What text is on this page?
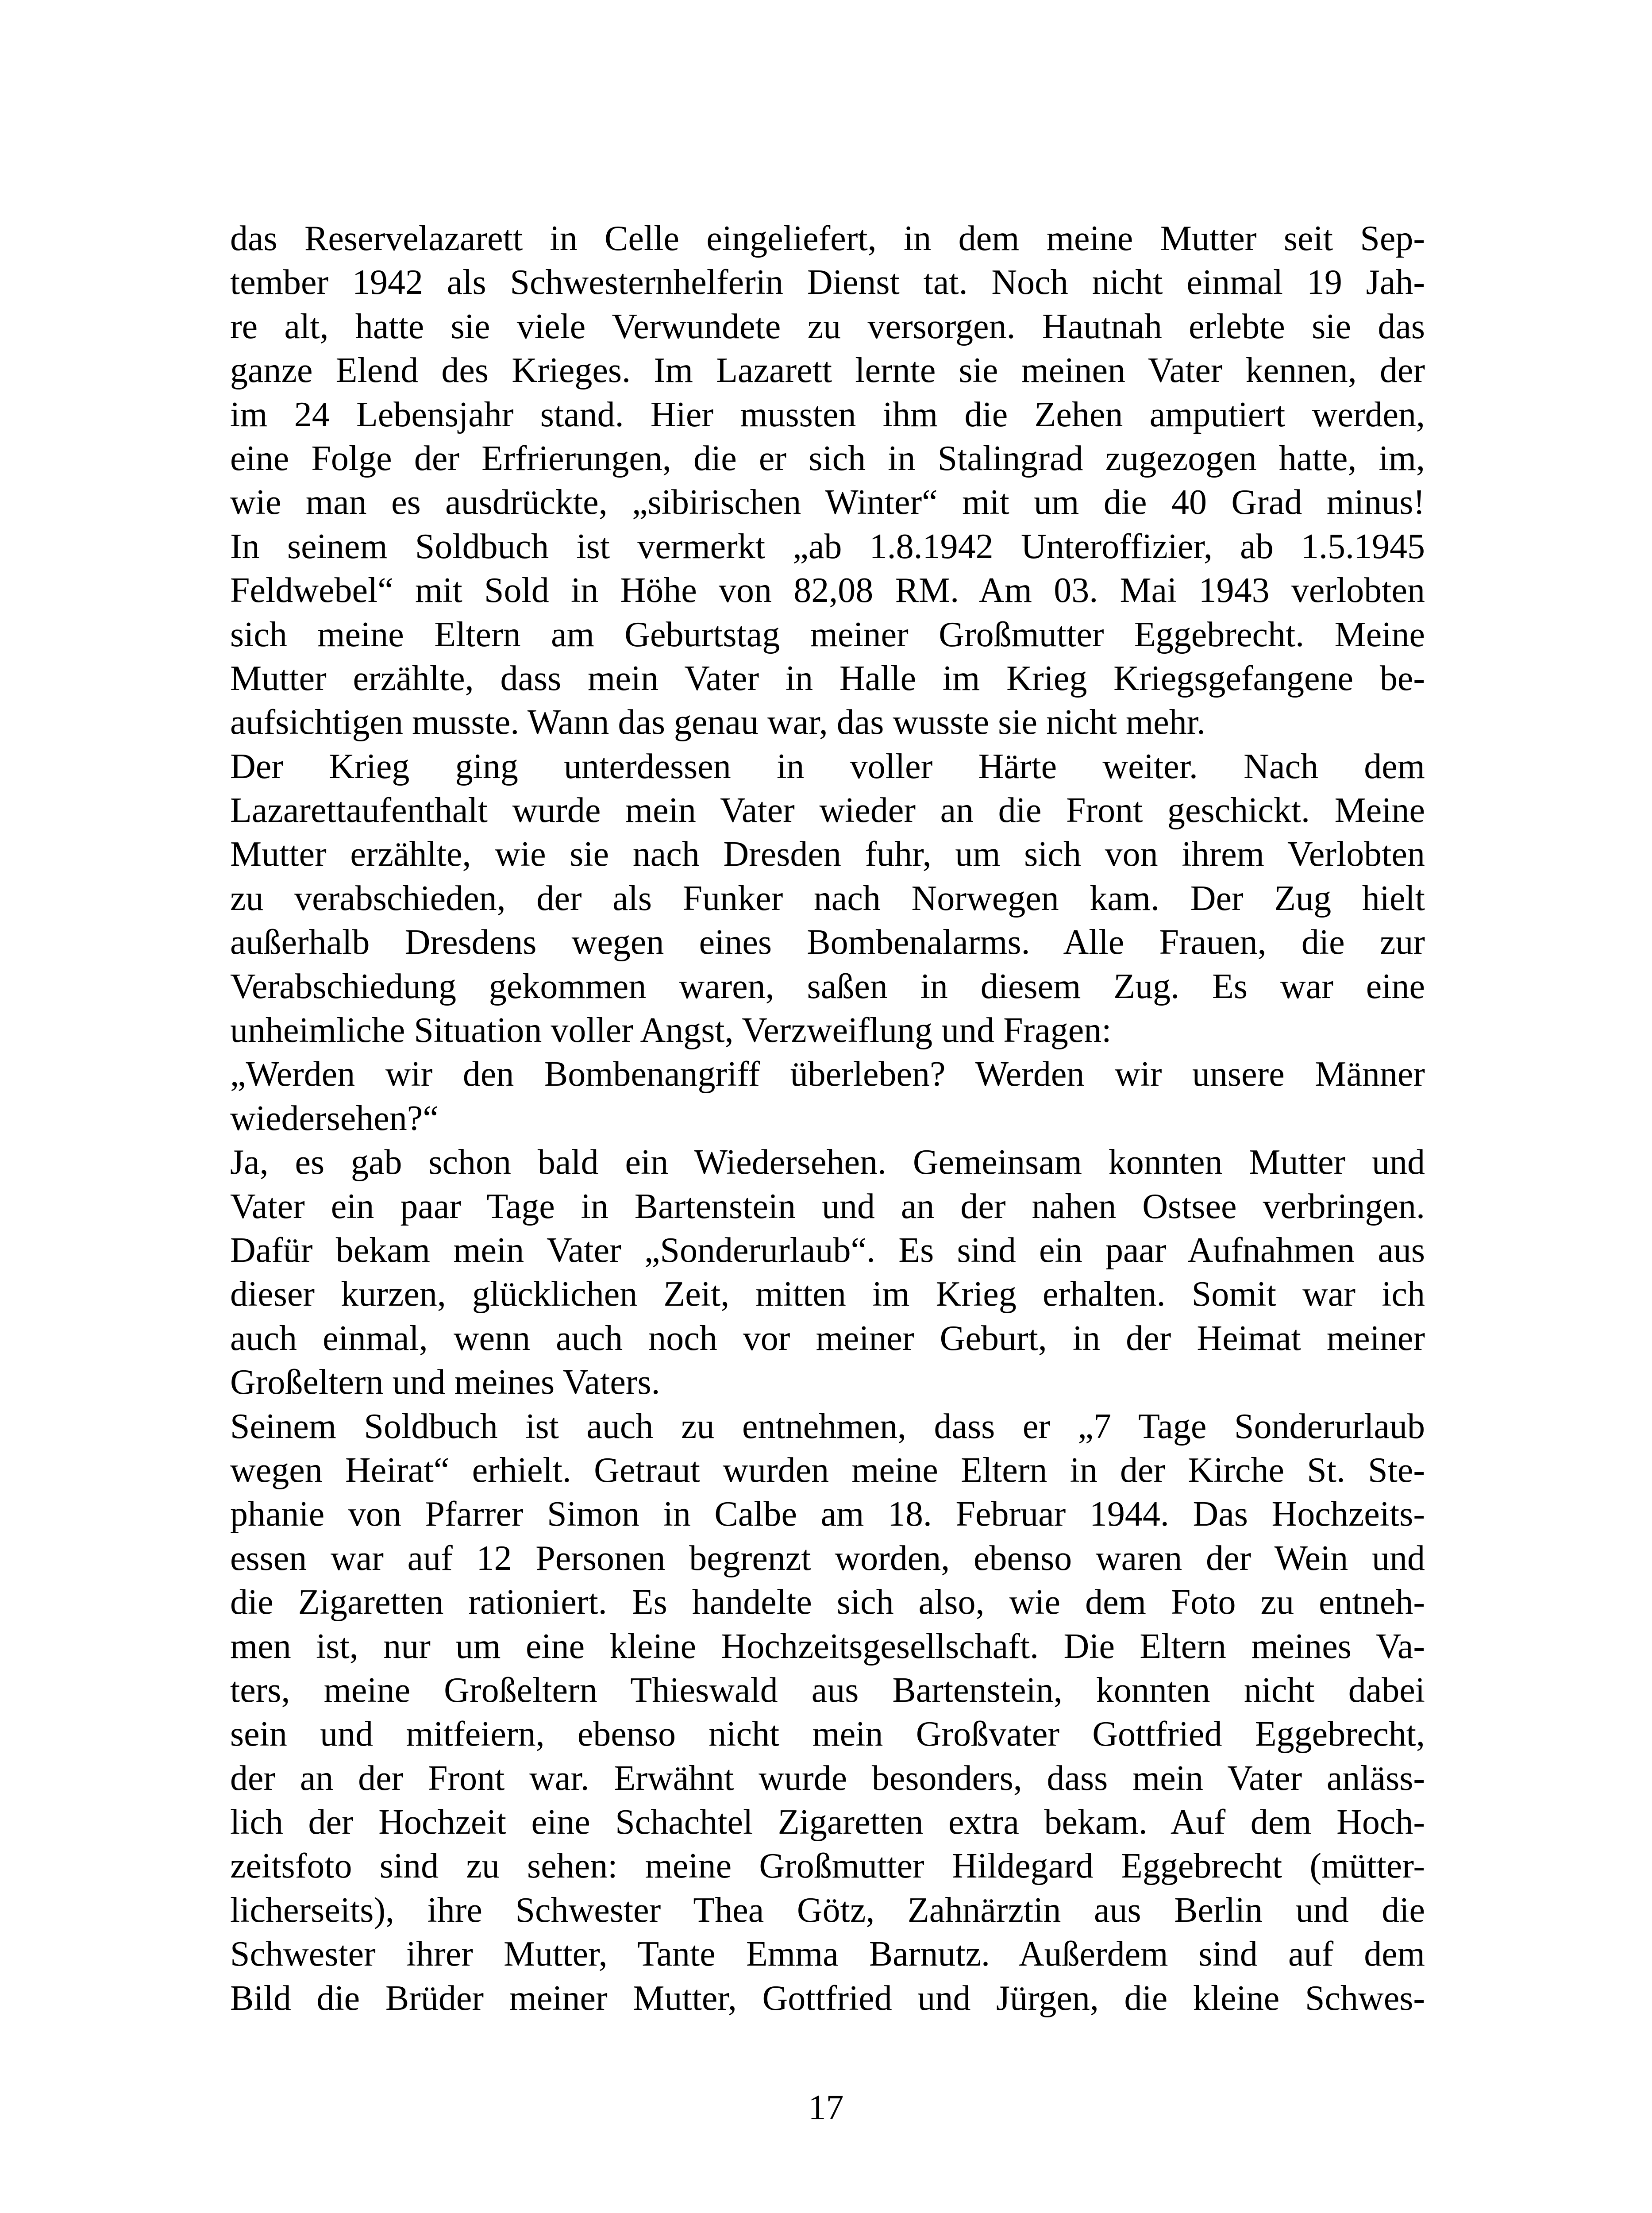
das Reservelazarett in Celle eingeliefert, in dem meine Mutter seit Sep-
tember 1942 als Schwesternhelferin Dienst tat. Noch nicht einmal 19 Jah-
re alt, hatte sie viele Verwundete zu versorgen. Hautnah erlebte sie das
ganze Elend des Krieges. Im Lazarett lernte sie meinen Vater kennen, der
im 24 Lebensjahr stand. Hier mussten ihm die Zehen amputiert werden,
eine Folge der Erfrierungen, die er sich in Stalingrad zugezogen hatte, im,
wie man es ausdrückte, „sibirischen Winter“ mit um die 40 Grad minus!
In seinem Soldbuch ist vermerkt „ab 1.8.1942 Unteroffizier, ab 1.5.1945
Feldwebel“ mit Sold in Höhe von 82,08 RM. Am 03. Mai 1943 verlobten
sich meine Eltern am Geburtstag meiner Großmutter Eggebrecht. Meine
Mutter erzählte, dass mein Vater in Halle im Krieg Kriegsgefangene be-
aufsichtigen musste. Wann das genau war, das wusste sie nicht mehr.
Der Krieg ging unterdessen in voller Härte weiter. Nach dem
Lazarettaufenthalt wurde mein Vater wieder an die Front geschickt. Meine
Mutter erzählte, wie sie nach Dresden fuhr, um sich von ihrem Verlobten
zu verabschieden, der als Funker nach Norwegen kam. Der Zug hielt
außerhalb Dresdens wegen eines Bombenalarms. Alle Frauen, die zur
Verabschiedung gekommen waren, saßen in diesem Zug. Es war eine
unheimliche Situation voller Angst, Verzweiflung und Fragen:
„Werden wir den Bombenangriff überleben? Werden wir unsere Männer
wiedersehen?“
Ja, es gab schon bald ein Wiedersehen. Gemeinsam konnten Mutter und
Vater ein paar Tage in Bartenstein und an der nahen Ostsee verbringen.
Dafür bekam mein Vater „Sonderurlaub“. Es sind ein paar Aufnahmen aus
dieser kurzen, glücklichen Zeit, mitten im Krieg erhalten. Somit war ich
auch einmal, wenn auch noch vor meiner Geburt, in der Heimat meiner
Großeltern und meines Vaters.
Seinem Soldbuch ist auch zu entnehmen, dass er „7 Tage Sonderurlaub
wegen Heirat“ erhielt. Getraut wurden meine Eltern in der Kirche St. Ste-
phanie von Pfarrer Simon in Calbe am 18. Februar 1944. Das Hochzeits-
essen war auf 12 Personen begrenzt worden, ebenso waren der Wein und
die Zigaretten rationiert. Es handelte sich also, wie dem Foto zu entneh-
men ist, nur um eine kleine Hochzeitsgesellschaft. Die Eltern meines Va-
ters, meine Großeltern Thieswald aus Bartenstein, konnten nicht dabei
sein und mitfeiern, ebenso nicht mein Großvater Gottfried Eggebrecht,
der an der Front war. Erwähnt wurde besonders, dass mein Vater anläss-
lich der Hochzeit eine Schachtel Zigaretten extra bekam. Auf dem Hoch-
zeitsfoto sind zu sehen: meine Großmutter Hildegard Eggebrecht (mütter-
licherseits), ihre Schwester Thea Götz, Zahnärztin aus Berlin und die
Schwester ihrer Mutter, Tante Emma Barnutz. Außerdem sind auf dem
Bild die Brüder meiner Mutter, Gottfried und Jürgen, die kleine Schwes-
17
